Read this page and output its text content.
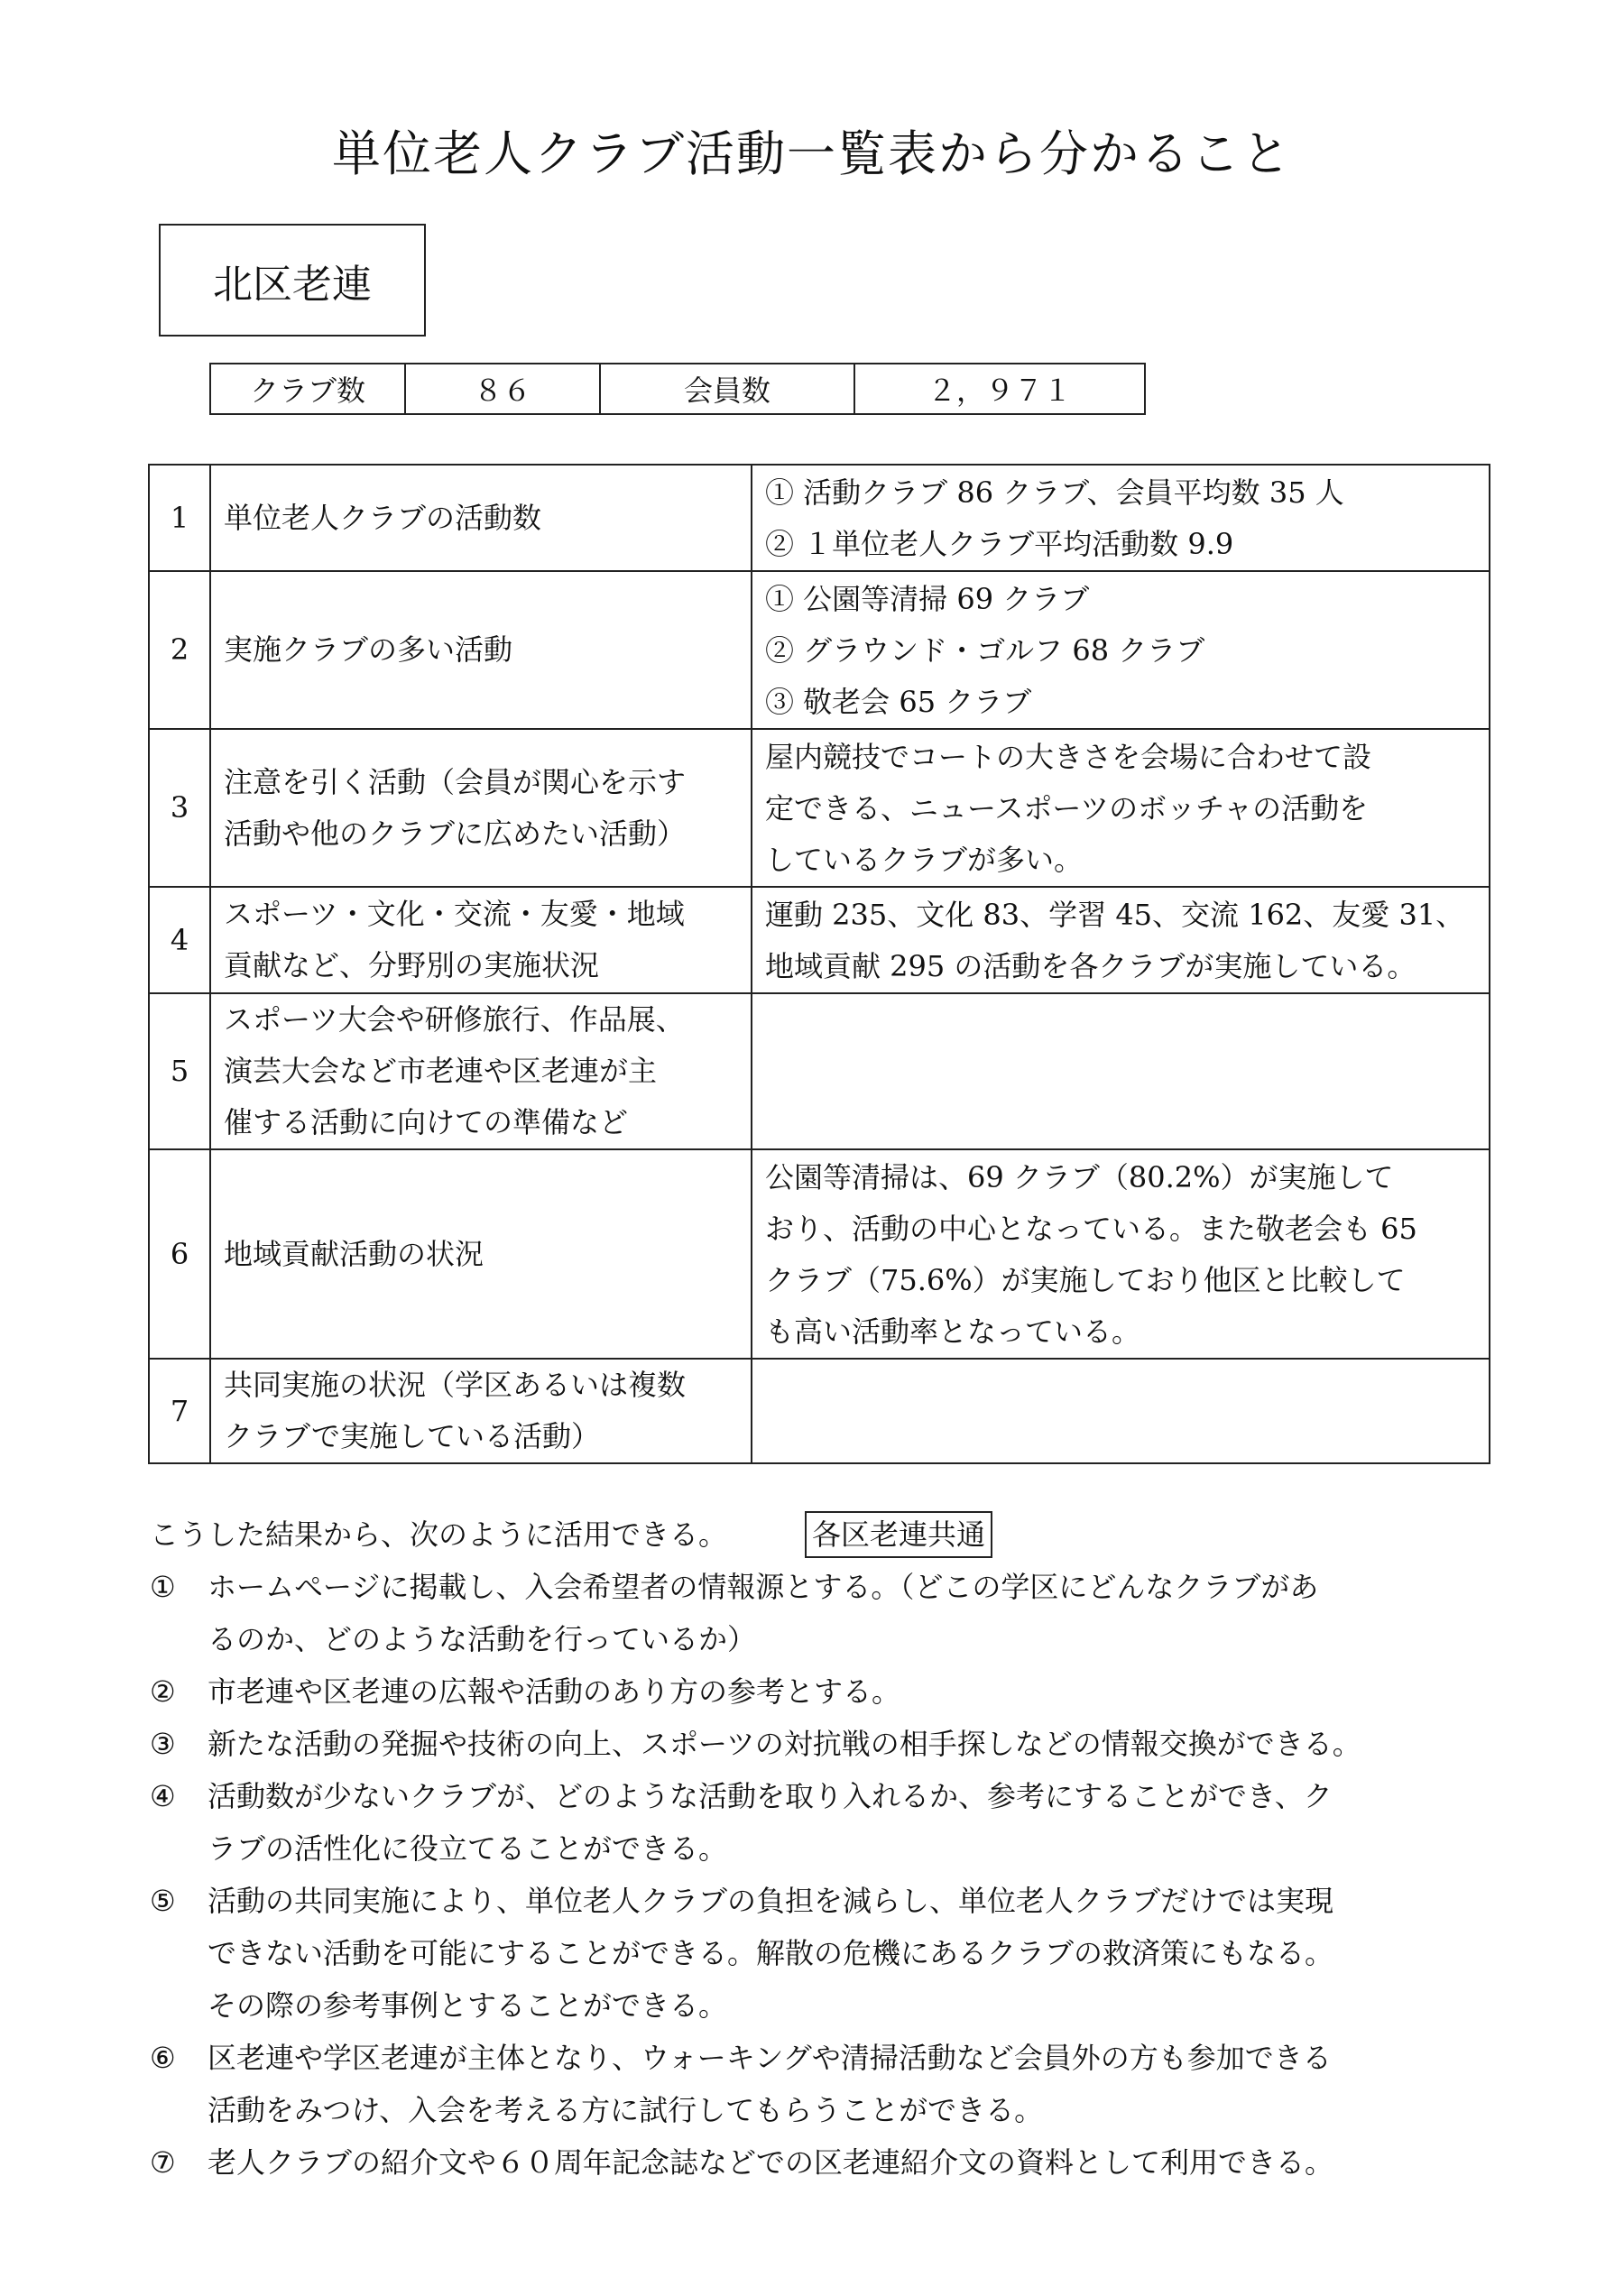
単位老人クラブ活動一覧表から分かること
北区老連
クラブ数	８６	会員数	２，９７１
1	単位老人クラブの活動数	① 活動クラブ 86 クラブ、会員平均数 35 人
② １単位老人クラブ平均活動数 9.9

2	実施クラブの多い活動	① 公園等清掃 69 クラブ
② グラウンド・ゴルフ 68 クラブ
③ 敬老会 65 クラブ

3	注意を引く活動（会員が関心を示す
活動や他のクラブに広めたい活動）	屋内競技でコートの大きさを会場に合わせて設
定できる、ニュースポーツのボッチャの活動を
しているクラブが多い。

4	スポーツ・文化・交流・友愛・地域
貢献など、分野別の実施状況	運動 235、文化 83、学習 45、交流 162、友愛 31、
地域貢献 295 の活動を各クラブが実施している。

5	スポーツ大会や研修旅行、作品展、
演芸大会など市老連や区老連が主
催する活動に向けての準備など	

6	地域貢献活動の状況	公園等清掃は、69 クラブ（80.2%）が実施して
おり、活動の中心となっている。また敬老会も 65
クラブ（75.6%）が実施しており他区と比較して
も高い活動率となっている。

7	共同実施の状況（学区あるいは複数
クラブで実施している活動）	

こうした結果から、次のように活用できる。	各区老連共通
①	ホームページに掲載し、入会希望者の情報源とする。（どこの学区にどんなクラブがあ
るのか、どのような活動を行っているか）
②	市老連や区老連の広報や活動のあり方の参考とする。
③	新たな活動の発掘や技術の向上、スポーツの対抗戦の相手探しなどの情報交換ができる。
④	活動数が少ないクラブが、どのような活動を取り入れるか、参考にすることができ、ク
ラブの活性化に役立てることができる。
⑤	活動の共同実施により、単位老人クラブの負担を減らし、単位老人クラブだけでは実現
できない活動を可能にすることができる。解散の危機にあるクラブの救済策にもなる。
その際の参考事例とすることができる。
⑥	区老連や学区老連が主体となり、ウォーキングや清掃活動など会員外の方も参加できる
活動をみつけ、入会を考える方に試行してもらうことができる。
⑦	老人クラブの紹介文や６０周年記念誌などでの区老連紹介文の資料として利用できる。
